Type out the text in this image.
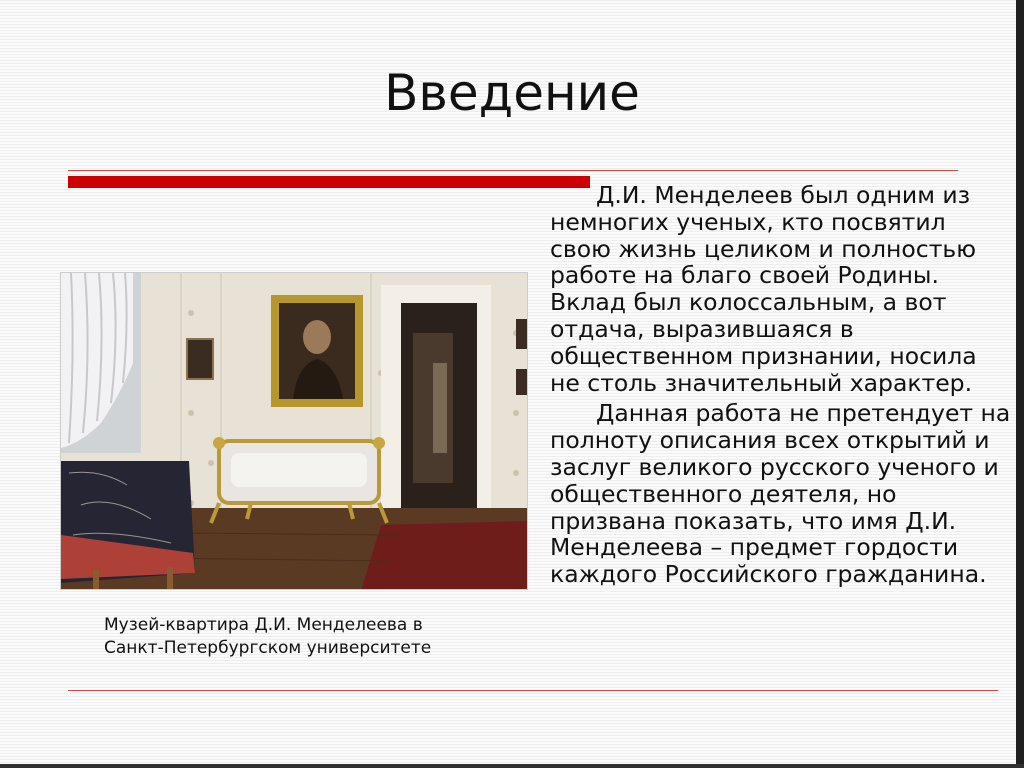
Введение
Музей-квартира Д.И. Менделеева в
Санкт-Петербургском университете

Д.И. Менделеев был одним из немногих ученых, кто посвятил свою жизнь целиком и полностью работе на благо своей Родины. Вклад был колоссальным, а вот отдача, выразившаяся в общественном признании, носила не столь значительный характер.

Данная работа не претендует на полноту описания всех открытий и заслуг великого русского ученого и общественного деятеля, но призвана показать, что имя Д.И. Менделеева – предмет гордости каждого Российского гражданина.
